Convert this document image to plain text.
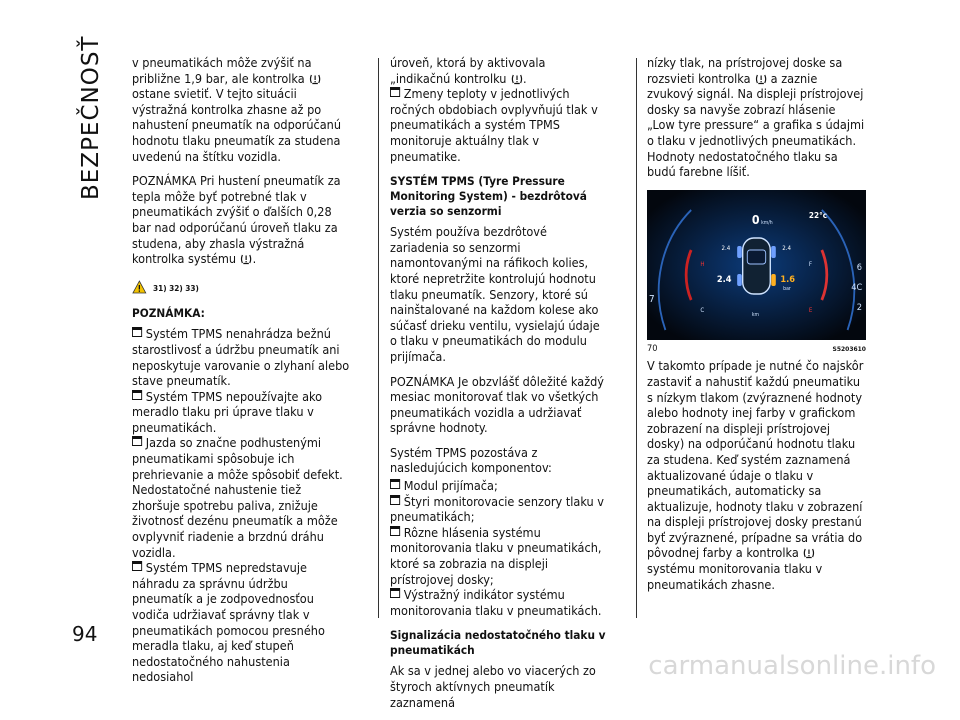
BEZPEČNOSŤ
94

v pneumatikách môže zvýšiť na približne 1,9 bar, ale kontrolka  ostane svietiť. V tejto situácii výstražná kontrolka zhasne až po nahustení pneumatík na odporúčanú hodnotu tlaku pneumatík za studena uvedenú na štítku vozidla.

POZNÁMKA Pri hustení pneumatík za tepla môže byť potrebné tlak v pneumatikách zvýšiť o ďalších 0,28 bar nad odporúčanú úroveň tlaku za studena, aby zhasla výstražná kontrolka systému .

31) 32) 33)
POZNÁMKA:
Systém TPMS nenahrádza bežnú starostlivosť a údržbu pneumatík ani neposkytuje varovanie o zlyhaní alebo stave pneumatík.
Systém TPMS nepoužívajte ako meradlo tlaku pri úprave tlaku v pneumatikách.
Jazda so značne podhustenými pneumatikami spôsobuje ich prehrievanie a môže spôsobiť defekt. Nedostatočné nahustenie tiež zhoršuje spotrebu paliva, znižuje životnosť dezénu pneumatík a môže ovplyvniť riadenie a brzdnú dráhu vozidla.
Systém TPMS nepredstavuje náhradu za správnu údržbu pneumatík a je zodpovednosťou vodiča udržiavať správny tlak v pneumatikách pomocou presného meradla tlaku, aj keď stupeň nedostatočného nahustenia nedosiahol
úroveň, ktorá by aktivovala „indikačnú kontrolku .

Zmeny teploty v jednotlivých ročných obdobiach ovplyvňujú tlak v pneumatikách a systém TPMS monitoruje aktuálny tlak v pneumatike.

SYSTÉM TPMS (Tyre Pressure Monitoring System) - bezdrôtová verzia so senzormi

Systém používa bezdrôtové zariadenia so senzormi namontovanými na ráfikoch kolies, ktoré nepretržite kontrolujú hodnotu tlaku pneumatík. Senzory, ktoré sú nainštalované na každom kolese ako súčasť drieku ventilu, vysielajú údaje o tlaku v pneumatikách do modulu prijímača.

POZNÁMKA Je obzvlášť dôležité každý mesiac monitorovať tlak vo všetkých pneumatikách vozidla a udržiavať správne hodnoty.

Systém TPMS pozostáva z nasledujúcich komponentov:

Modul prijímača;
Štyri monitorovacie senzory tlaku v pneumatikách;
Rôzne hlásenia systému monitorovania tlaku v pneumatikách, ktoré sa zobrazia na displeji prístrojovej dosky;

Výstražný indikátor systému monitorovania tlaku v pneumatikách.

Signalizácia nedostatočného tlaku v pneumatikách

Ak sa v jednej alebo vo viacerých zo štyroch aktívnych pneumatík zaznamená

nízky tlak, na prístrojovej doske sa rozsvieti kontrolka a zaznie zvukový signál. Na displeji prístrojovej dosky sa navyše zobrazí hlásenie „Low tyre pressure“ a grafika s údajmi o tlaku v jednotlivých pneumatikách. Hodnoty nedostatočného tlaku sa budú farebne líšiť.

0 km/h
22°c
2.4	2.4
2.4	1.6
bar
km
H
C
F
E
7
6
4C
2
70	S5203610

V takomto prípade je nutné čo najskôr zastaviť a nahustiť každú pneumatiku s nízkym tlakom (zvýraznené hodnoty alebo hodnoty inej farby v grafickom zobrazení na displeji prístrojovej dosky) na odporúčanú hodnotu tlaku za studena. Keď systém zaznamená aktualizované údaje o tlaku v pneumatikách, automaticky sa aktualizuje, hodnoty tlaku v zobrazení na displeji prístrojovej dosky prestanú byť zvýraznené, prípadne sa vrátia do pôvodnej farby a kontrolka  systému monitorovania tlaku v pneumatikách zhasne.

carmanualsonline.info
